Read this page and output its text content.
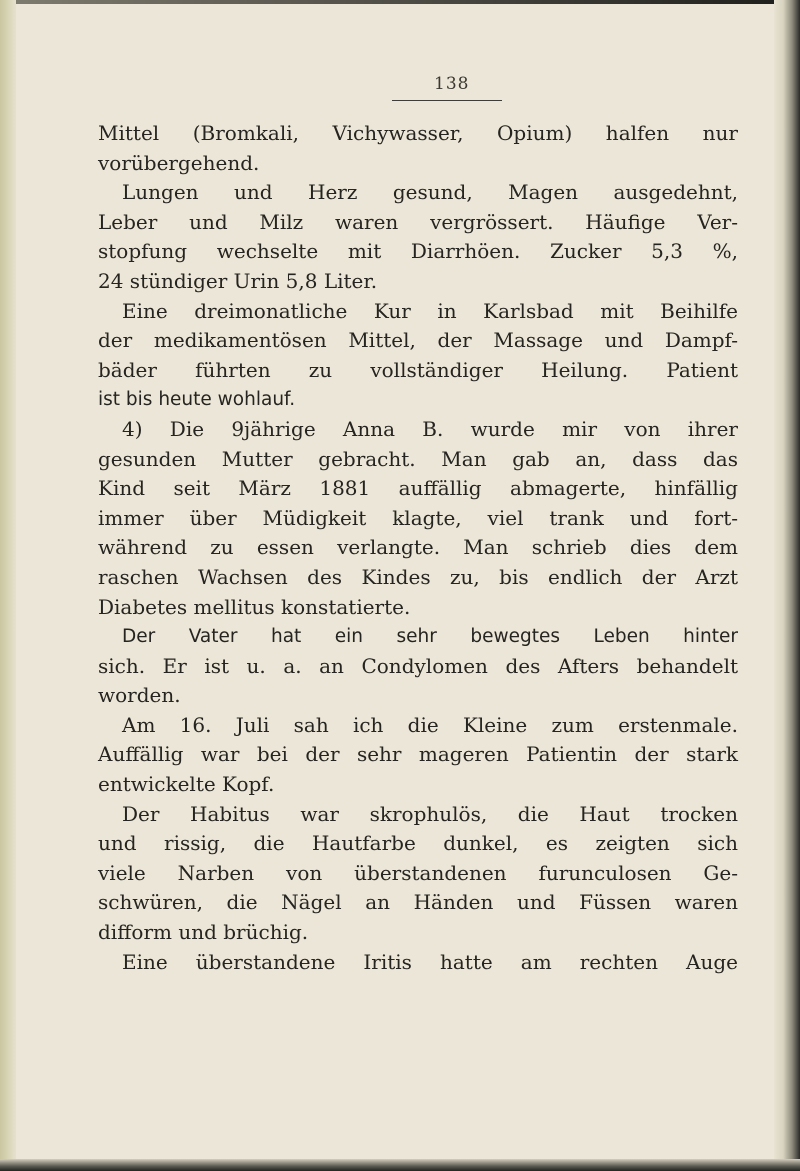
138
Mittel (Bromkali, Vichywasser, Opium) halfen nur
vorübergehend.
Lungen und Herz gesund, Magen ausgedehnt,
Leber und Milz waren vergrössert. Häufige Ver-
stopfung wechselte mit Diarrhöen. Zucker 5,3 %,
24 stündiger Urin 5,8 Liter.
Eine dreimonatliche Kur in Karlsbad mit Beihilfe
der medikamentösen Mittel, der Massage und Dampf-
bäder führten zu vollständiger Heilung. Patient
ist bis heute wohlauf.
4) Die 9jährige Anna B. wurde mir von ihrer
gesunden Mutter gebracht. Man gab an, dass das
Kind seit März 1881 auffällig abmagerte, hinfällig
immer über Müdigkeit klagte, viel trank und fort-
während zu essen verlangte. Man schrieb dies dem
raschen Wachsen des Kindes zu, bis endlich der Arzt
Diabetes mellitus konstatierte.
Der Vater hat ein sehr bewegtes Leben hinter
sich. Er ist u. a. an Condylomen des Afters behandelt
worden.
Am 16. Juli sah ich die Kleine zum erstenmale.
Auffällig war bei der sehr mageren Patientin der stark
entwickelte Kopf.
Der Habitus war skrophulös, die Haut trocken
und rissig, die Hautfarbe dunkel, es zeigten sich
viele Narben von überstandenen furunculosen Ge-
schwüren, die Nägel an Händen und Füssen waren
difform und brüchig.
Eine überstandene Iritis hatte am rechten Auge
